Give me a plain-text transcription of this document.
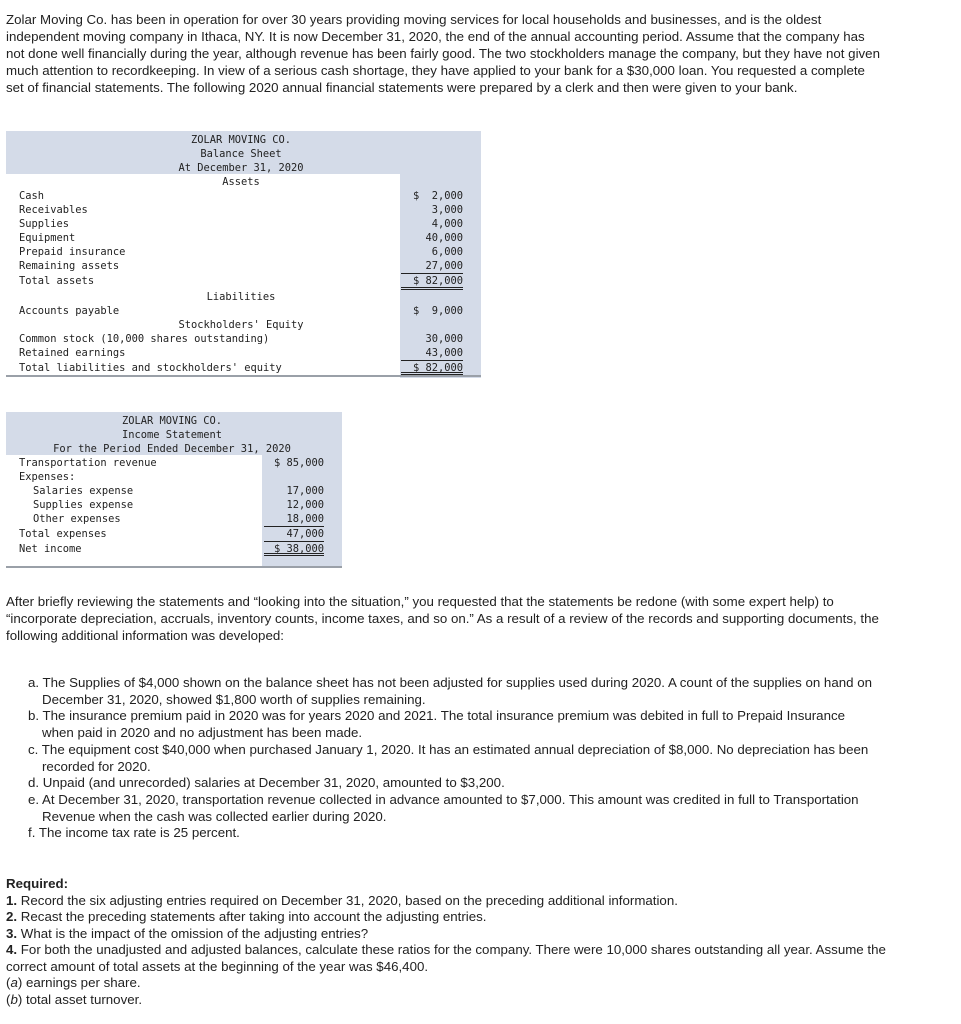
Zolar Moving Co. has been in operation for over 30 years providing moving services for local households and businesses, and is the oldest independent moving company in Ithaca, NY. It is now December 31, 2020, the end of the annual accounting period. Assume that the company has not done well financially during the year, although revenue has been fairly good. The two stockholders manage the company, but they have not given much attention to recordkeeping. In view of a serious cash shortage, they have applied to your bank for a $30,000 loan. You requested a complete set of financial statements. The following 2020 annual financial statements were prepared by a clerk and then were given to your bank.

ZOLAR MOVING CO.
Balance Sheet
At December 31, 2020
Assets
Cash	$  2,000
Receivables	3,000
Supplies	4,000
Equipment	40,000
Prepaid insurance	6,000
Remaining assets	27,000
Total assets	$ 82,000
Liabilities
Accounts payable	$  9,000
Stockholders' Equity
Common stock (10,000 shares outstanding)	30,000
Retained earnings	43,000
Total liabilities and stockholders' equity	$ 82,000
ZOLAR MOVING CO.
Income Statement
For the Period Ended December 31, 2020
Transportation revenue	$ 85,000
Expenses:
Salaries expense	17,000
Supplies expense	12,000
Other expenses	18,000
Total expenses	47,000
Net income	$ 38,000

After briefly reviewing the statements and “looking into the situation,” you requested that the statements be redone (with some expert help) to “incorporate depreciation, accruals, inventory counts, income taxes, and so on.” As a result of a review of the records and supporting documents, the following additional information was developed:

a. The Supplies of $4,000 shown on the balance sheet has not been adjusted for supplies used during 2020. A count of the supplies on hand on December 31, 2020, showed $1,800 worth of supplies remaining.
b. The insurance premium paid in 2020 was for years 2020 and 2021. The total insurance premium was debited in full to Prepaid Insurance when paid in 2020 and no adjustment has been made.
c. The equipment cost $40,000 when purchased January 1, 2020. It has an estimated annual depreciation of $8,000. No depreciation has been recorded for 2020.
d. Unpaid (and unrecorded) salaries at December 31, 2020, amounted to $3,200.
e. At December 31, 2020, transportation revenue collected in advance amounted to $7,000. This amount was credited in full to Transportation Revenue when the cash was collected earlier during 2020.
f. The income tax rate is 25 percent.

Required:

1. Record the six adjusting entries required on December 31, 2020, based on the preceding additional information.

2. Recast the preceding statements after taking into account the adjusting entries.

3. What is the impact of the omission of the adjusting entries?

4. For both the unadjusted and adjusted balances, calculate these ratios for the company. There were 10,000 shares outstanding all year. Assume the correct amount of total assets at the beginning of the year was $46,400.

(a) earnings per share.

(b) total asset turnover.
